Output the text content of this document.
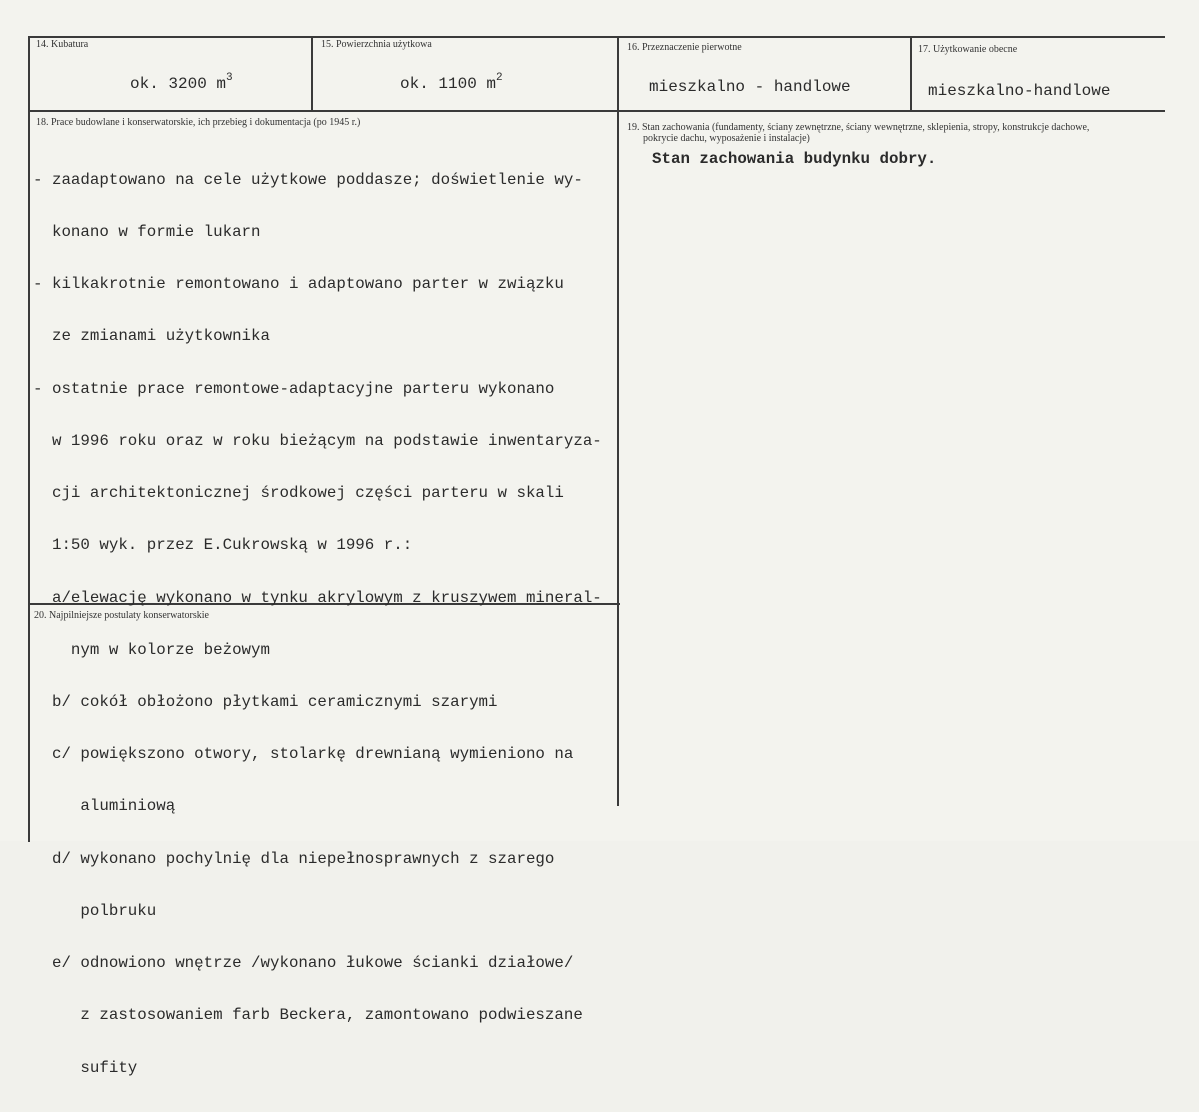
14. Kubatura
ok. 3200 $m^3$
15. Powierzchnia użytkowa
ok. 1100 $m^2$
16. Przeznaczenie pierwotne
mieszkalno - handlowe
17. Użytkowanie obecne
mieszkalno-handlowe
18. Prace budowlane i konserwatorskie, ich przebieg i dokumentacja (po 1945 r.)

- zaadaptowano na cele użytkowe poddasze; doświetlenie wy-

konano w formie lukarn

- kilkakrotnie remontowano i adaptowano parter w związku

ze zmianami użytkownika

- ostatnie prace remontowe-adaptacyjne parteru wykonano

w 1996 roku oraz w roku bieżącym na podstawie inwentaryza-

cji architektonicznej środkowej części parteru w skali

1:50 wyk. przez E.Cukrowską w 1996 r.:

a/elewację wykonano w tynku akrylowym z kruszywem mineral-

nym w kolorze beżowym

b/ cokół obłożono płytkami ceramicznymi szarymi

c/ powiększono otwory, stolarkę drewnianą wymieniono na

aluminiową

d/ wykonano pochylnię dla niepełnosprawnych z szarego

polbruku

e/ odnowiono wnętrze /wykonano łukowe ścianki działowe/

z zastosowaniem farb Beckera, zamontowano podwieszane

sufity

19. Stan zachowania (fundamenty, ściany zewnętrzne, ściany wewnętrzne, sklepienia, stropy, konstrukcje dachowe,
pokrycie dachu, wyposażenie i instalacje)
Stan zachowania budynku dobry.
20. Najpilniejsze postulaty konserwatorskie
